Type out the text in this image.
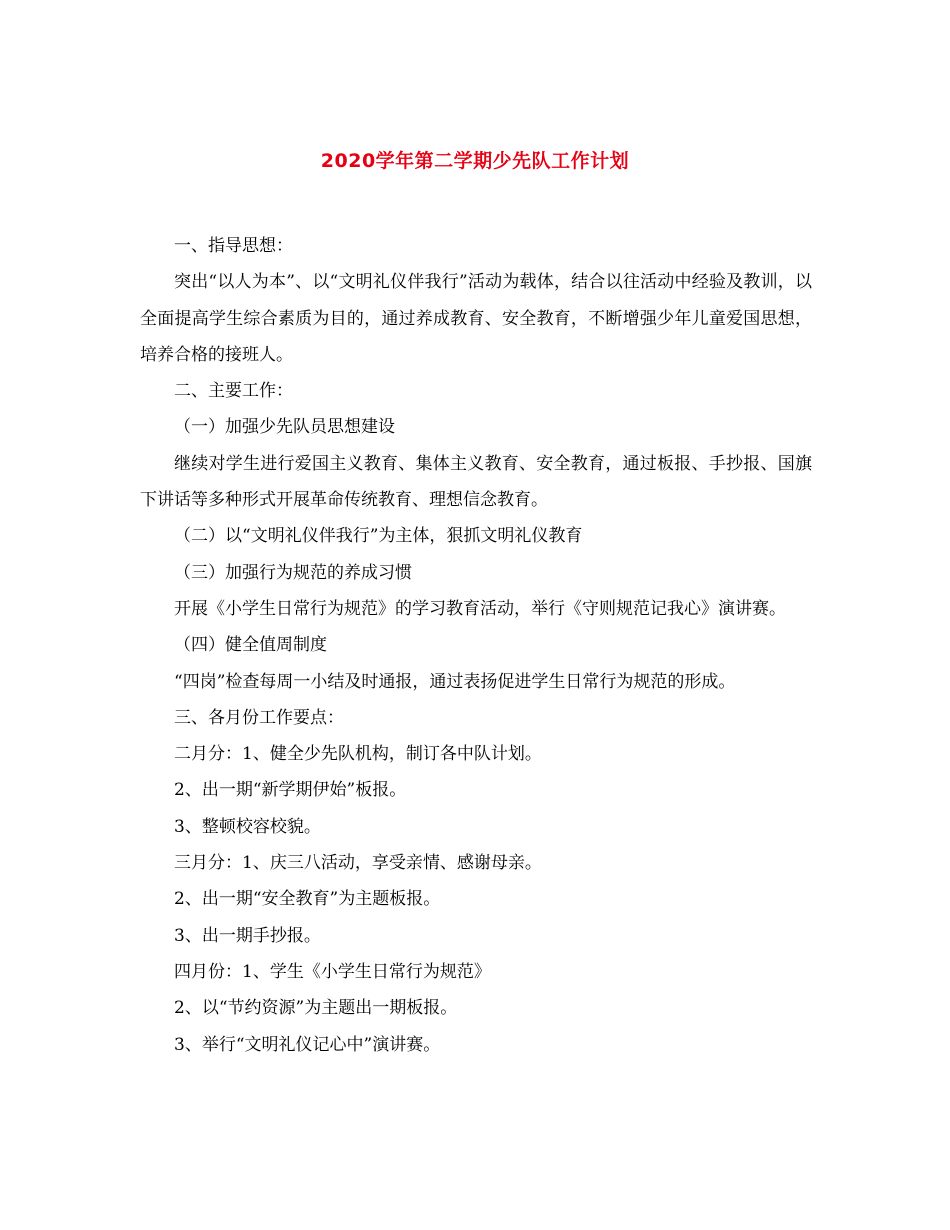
2020学年第二学期少先队工作计划

一、指导思想：

突出“以人为本”、以“文明礼仪伴我行”活动为载体，结合以往活动中经验及教训，以全面提高学生综合素质为目的，通过养成教育、安全教育，不断增强少年儿童爱国思想，培养合格的接班人。

二、主要工作：

（一）加强少先队员思想建设

继续对学生进行爱国主义教育、集体主义教育、安全教育，通过板报、手抄报、国旗下讲话等多种形式开展革命传统教育、理想信念教育。

（二）以“文明礼仪伴我行”为主体，狠抓文明礼仪教育

（三）加强行为规范的养成习惯

开展《小学生日常行为规范》的学习教育活动，举行《守则规范记我心》演讲赛。

（四）健全值周制度

“四岗”检查每周一小结及时通报，通过表扬促进学生日常行为规范的形成。

三、各月份工作要点：

二月分：1、健全少先队机构，制订各中队计划。

2、出一期“新学期伊始”板报。

3、整顿校容校貌。

三月分：1、庆三八活动，享受亲情、感谢母亲。

2、出一期“安全教育”为主题板报。

3、出一期手抄报。

四月份：1、学生《小学生日常行为规范》

2、以“节约资源”为主题出一期板报。

3、举行“文明礼仪记心中”演讲赛。
